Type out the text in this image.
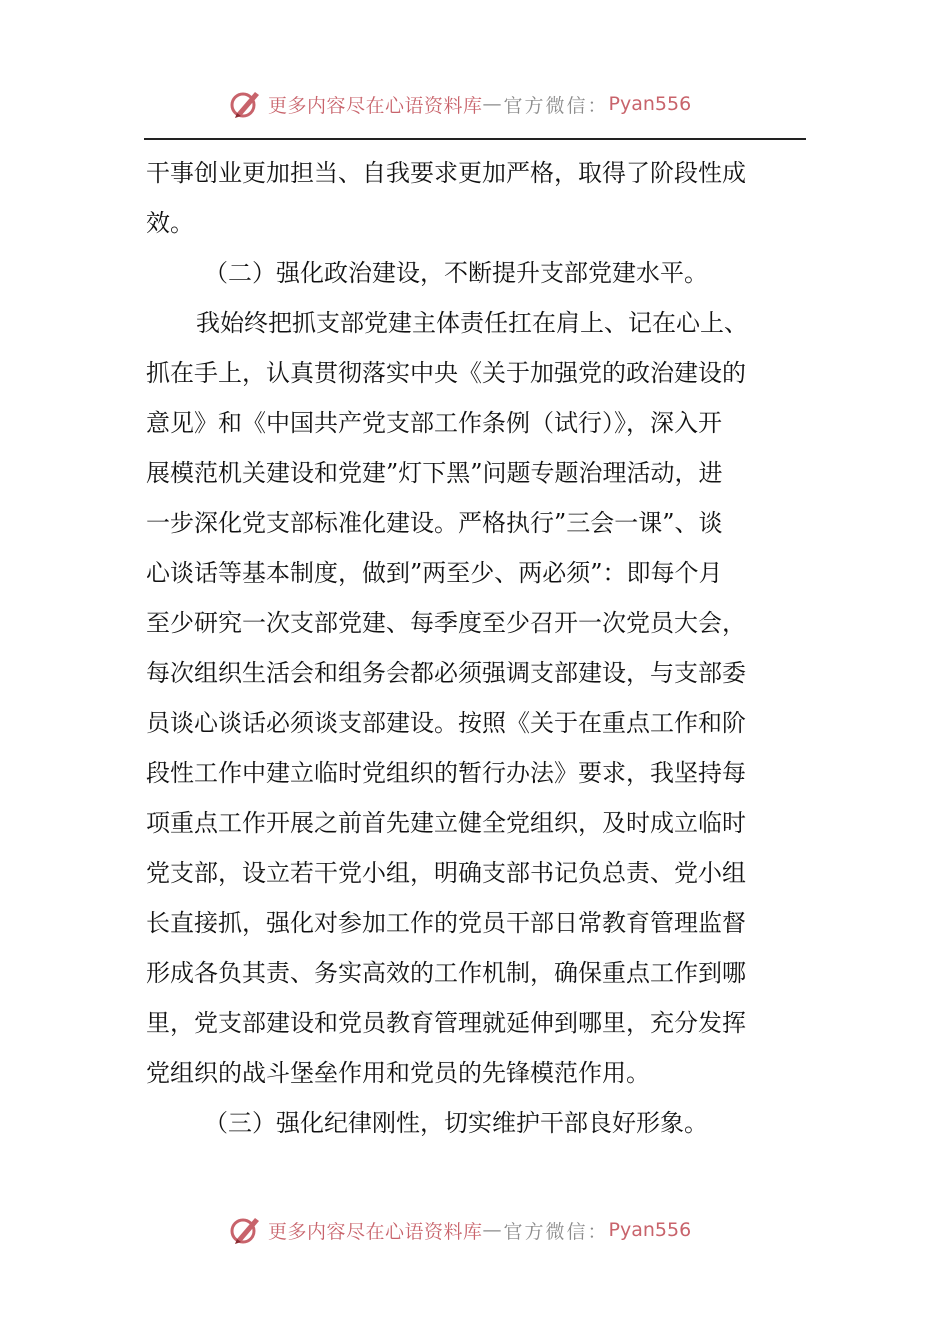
更多内容尽在心语资料库 — 官方微信： Pyan556
干事创业更加担当、自我要求更加严格，取得了阶段性成
效。
（二）强化政治建设，不断提升支部党建水平。
我始终把抓支部党建主体责任扛在肩上、记在心上、
抓在手上，认真贯彻落实中央《关于加强党的政治建设的
意见》和《中国共产党支部工作条例（试行）》，深入开
展模范机关建设和党建”灯下黑”问题专题治理活动，进
一步深化党支部标准化建设。严格执行”三会一课”、谈
心谈话等基本制度，做到”两至少、两必须”：即每个月
至少研究一次支部党建、每季度至少召开一次党员大会，
每次组织生活会和组务会都必须强调支部建设，与支部委
员谈心谈话必须谈支部建设。按照《关于在重点工作和阶
段性工作中建立临时党组织的暂行办法》要求，我坚持每
项重点工作开展之前首先建立健全党组织，及时成立临时
党支部，设立若干党小组，明确支部书记负总责、党小组
长直接抓，强化对参加工作的党员干部日常教育管理监督
形成各负其责、务实高效的工作机制，确保重点工作到哪
里，党支部建设和党员教育管理就延伸到哪里，充分发挥
党组织的战斗堡垒作用和党员的先锋模范作用。
（三）强化纪律刚性，切实维护干部良好形象。
更多内容尽在心语资料库 — 官方微信： Pyan556
